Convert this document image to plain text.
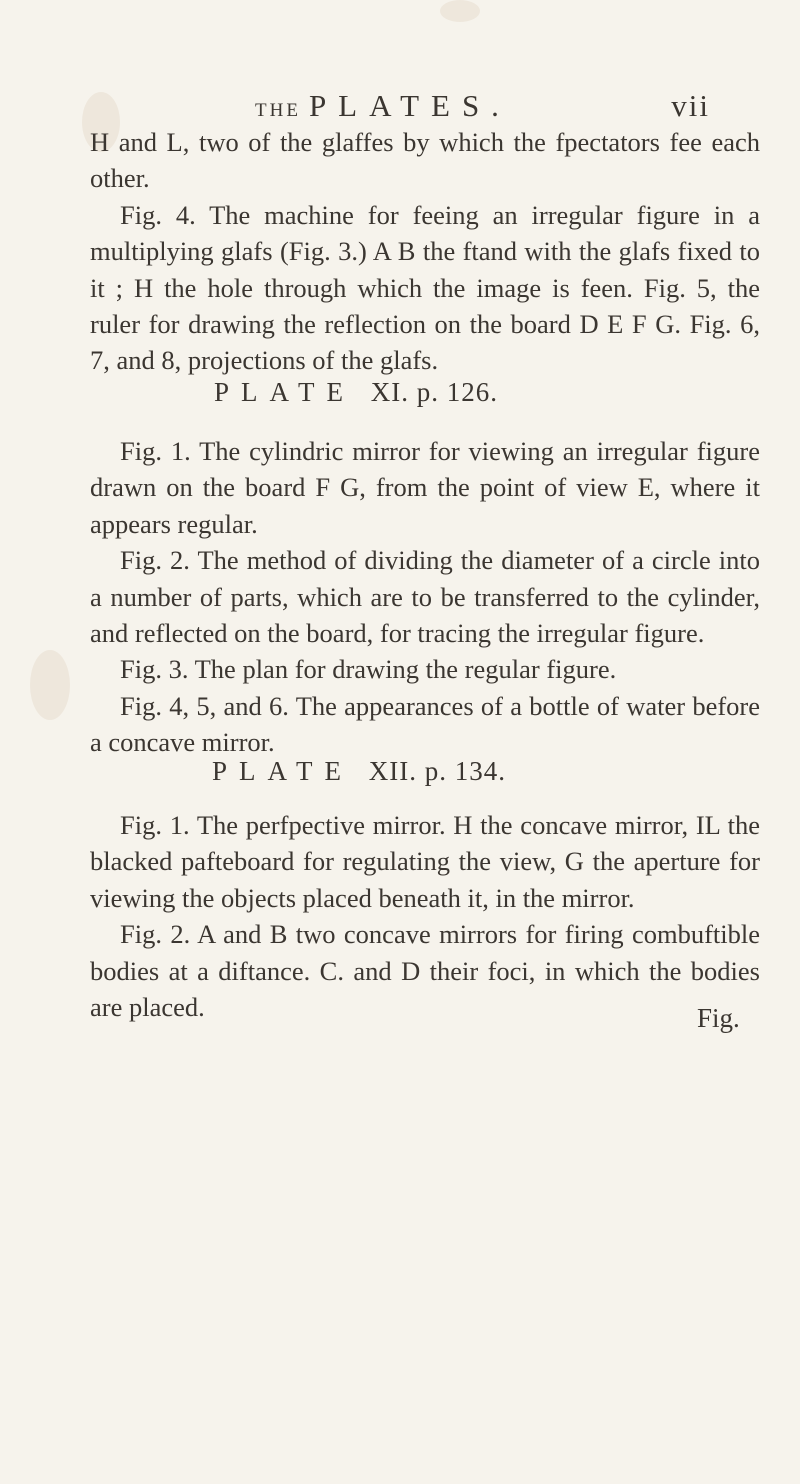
THE PLATES.	vii

H and L, two of the glaffes by which the fpectators fee each other.

Fig. 4. The machine for feeing an irregular figure in a multiplying glafs (Fig. 3.) A B the ftand with the glafs fixed to it ; H the hole through which the image is feen. Fig. 5, the ruler for drawing the reflection on the board D E F G. Fig. 6, 7, and 8, projections of the glafs.

PLATE XI. p. 126.

Fig. 1. The cylindric mirror for viewing an irregular figure drawn on the board F G, from the point of view E, where it appears regular.

Fig. 2. The method of dividing the diameter of a circle into a number of parts, which are to be transferred to the cylinder, and reflected on the board, for tracing the irregular figure.

Fig. 3. The plan for drawing the regular figure.

Fig. 4, 5, and 6. The appearances of a bottle of water before a concave mirror.

PLATE XII. p. 134.

Fig. 1. The perfpective mirror. H the concave mirror, IL the blacked pafteboard for regulating the view, G the aperture for viewing the objects placed beneath it, in the mirror.

Fig. 2. A and B two concave mirrors for firing combuftible bodies at a diftance. C. and D their foci, in which the bodies are placed.	Fig.
